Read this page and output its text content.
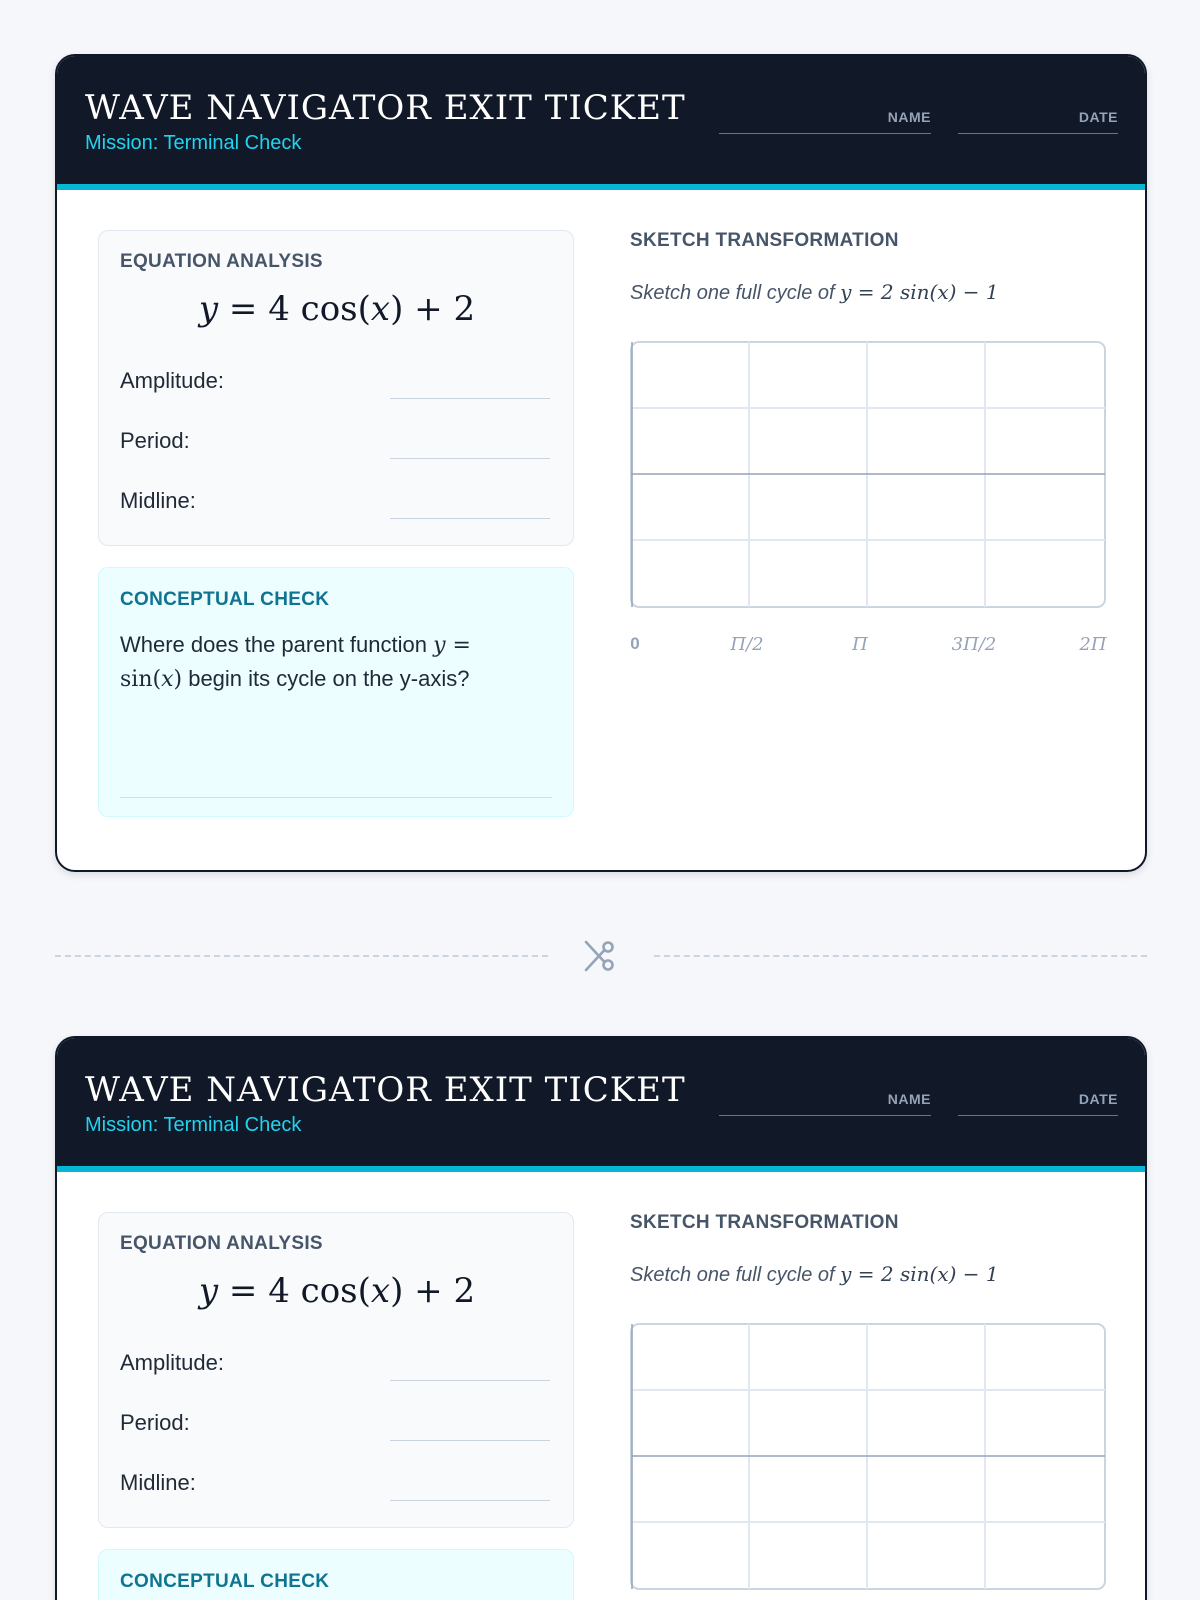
WAVE NAVIGATOR EXIT TICKET
Mission: Terminal Check
NAME	DATE
EQUATION ANALYSIS
y = 4 cos(x) + 2
Amplitude:
Period:
Midline:
CONCEPTUAL CHECK
Where does the parent function y = sin(x) begin its cycle on the y-axis?
SKETCH TRANSFORMATION
Sketch one full cycle of y = 2 sin(x) − 1
0	Π/2	Π	3Π/2	2Π
WAVE NAVIGATOR EXIT TICKET
Mission: Terminal Check
NAME	DATE
EQUATION ANALYSIS
y = 4 cos(x) + 2
Amplitude:
Period:
Midline:
CONCEPTUAL CHECK
SKETCH TRANSFORMATION
Sketch one full cycle of y = 2 sin(x) − 1
